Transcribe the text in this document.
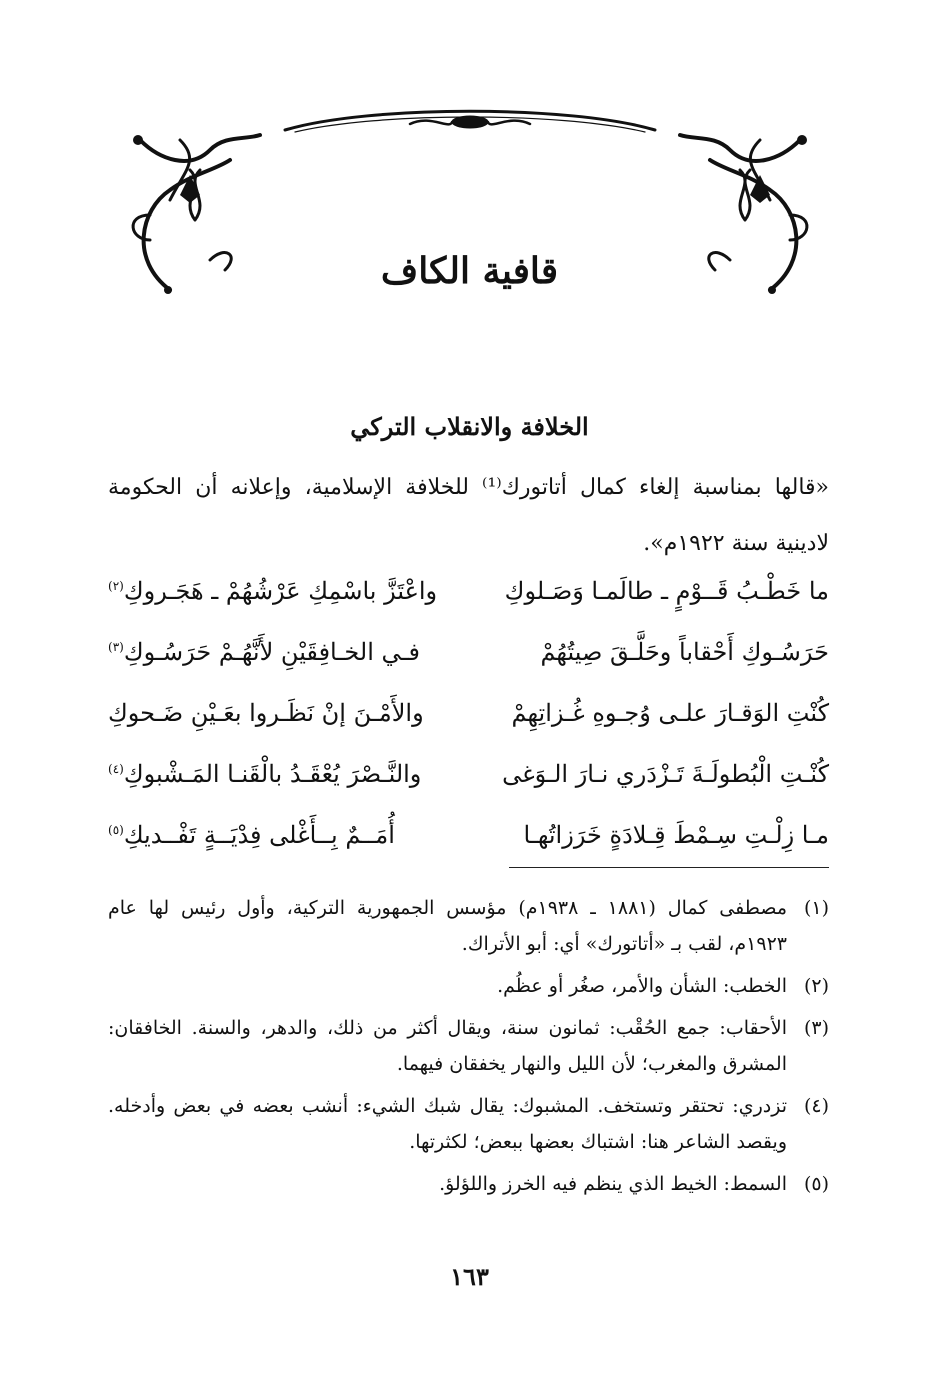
قافية الكاف
الخلافة والانقلاب التركي
«قالها بمناسبة إلغاء كمال أتاتورك⁽¹⁾ للخلافة الإسلامية، وإعلانه أن الحكومة لادينية سنة ١٩٢٢م».
ما خَطْـبُ قَــوْمٍ ـ طالَمـا وَصَـلوكِ
واعْتَزَّ باسْمِكِ عَرْشُهُمْ ـ هَجَـروكِ$^{(٢)}$
حَرَسُـوكِ أَحْقاباً وحَلَّـقَ صِيتُهُمْ
فـي الخـافِقَيْنِ لأَنَّهُـمْ حَرَسُـوكِ$^{(٣)}$
كُنْتِ الوَقـارَ علـى وُجـوهِ غُـزاتِهِمْ
والأَمْـنَ إنْ نَظَـروا بعَـيْنِ ضَـحوكِ
كُنْـتِ الْبُطولَـةَ تَـزْدَري نـارَ الـوَغى
والنَّـصْرَ يُعْقَـدُ بالْقَنـا المَـشْبوكِ$^{(٤)}$
مـا زِلْـتِ سِـمْطَ قِـلادَةٍ خَرَزاتُهـا
أُمَــمٌ بِــأَغْلى فِدْيَــةٍ تَفْــديكِ$^{(٥)}$
(١)
مصطفى كمال (١٨٨١ ـ ١٩٣٨م) مؤسس الجمهورية التركية، وأول رئيس لها عام ١٩٢٣م، لقب بـ «أتاتورك» أي: أبو الأتراك.
(٢)
الخطب: الشأن والأمر، صغُر أو عظُم.
(٣)
الأحقاب: جمع الحُقْب: ثمانون سنة، ويقال أكثر من ذلك، والدهر، والسنة. الخافقان: المشرق والمغرب؛ لأن الليل والنهار يخفقان فيهما.
(٤)
تزدري: تحتقر وتستخف. المشبوك: يقال شبك الشيء: أنشب بعضه في بعض وأدخله. ويقصد الشاعر هنا: اشتباك بعضها ببعض؛ لكثرتها.
(٥)
السمط: الخيط الذي ينظم فيه الخرز واللؤلؤ.
١٦٣
